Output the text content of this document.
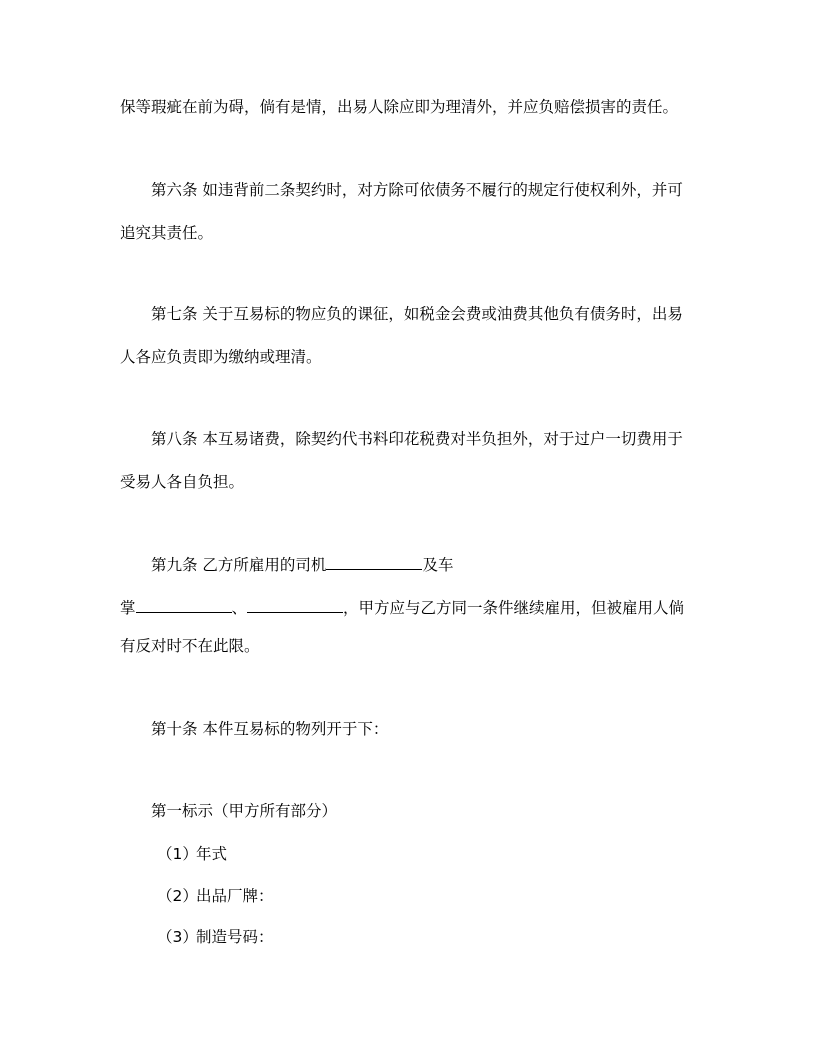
保等瑕疵在前为碍，倘有是情，出易人除应即为理清外，并应负赔偿损害的责任。
第六条 如违背前二条契约时，对方除可依债务不履行的规定行使权利外，并可
追究其责任。
第七条 关于互易标的物应负的课征，如税金会费或油费其他负有债务时，出易
人各应负责即为缴纳或理清。
第八条 本互易诸费，除契约代书料印花税费对半负担外，对于过户一切费用于
受易人各自负担。
第九条 乙方所雇用的司机	及车
掌	、	，甲方应与乙方同一条件继续雇用，但被雇用人倘
有反对时不在此限。
第十条 本件互易标的物列开于下：
第一标示（甲方所有部分）
（1） 年式
（2） 出品厂牌：
（3） 制造号码：
